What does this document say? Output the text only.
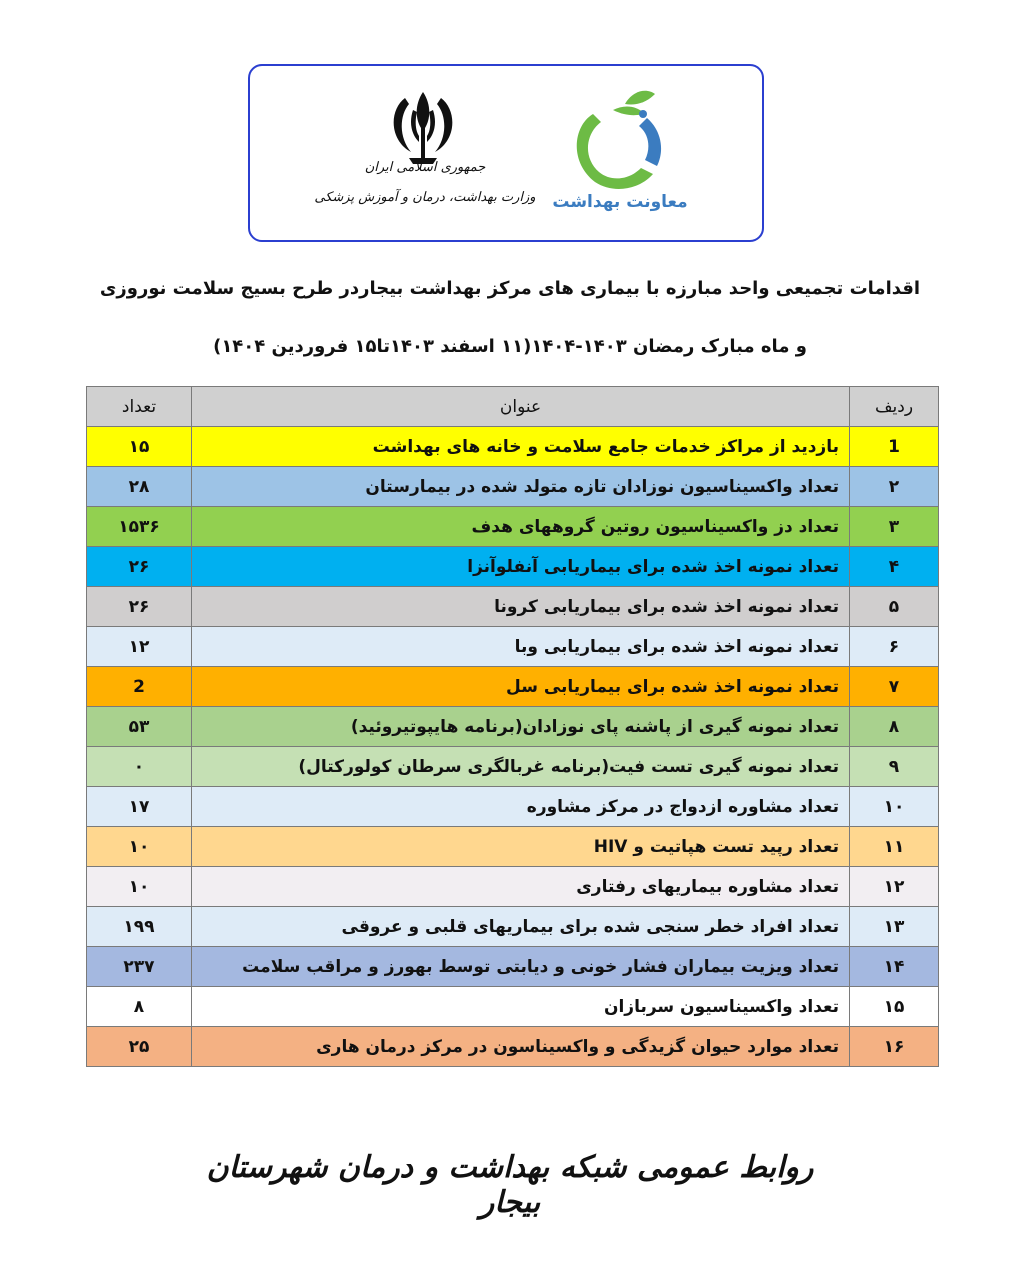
جمهوری اسلامی ایران
وزارت بهداشت، درمان و آموزش پزشکی معاونت بهداشت
اقدامات تجمیعی واحد مبارزه با بیماری های مرکز بهداشت بیجاردر طرح بسیج سلامت نوروزی
و ماه مبارک رمضان ۱۴۰۳-۱۴۰۴(۱۱ اسفند ۱۴۰۳تا۱۵ فروردین ۱۴۰۴)
ردیف	عنوان	تعداد
1	بازدید از مراکز خدمات جامع سلامت و خانه های بهداشت	۱۵
۲	تعداد واکسیناسیون نوزادان تازه متولد شده در بیمارستان	۲۸
۳	تعداد دز واکسیناسیون روتین گروههای هدف	۱۵۳۶
۴	تعداد نمونه اخذ شده برای بیماریابی آنفلوآنزا	۲۶
۵	تعداد نمونه اخذ شده برای بیماریابی کرونا	۲۶
۶	تعداد نمونه اخذ شده برای بیماریابی وبا	۱۲
۷	تعداد نمونه اخذ شده برای بیماریابی سل	2
۸	تعداد نمونه گیری از پاشنه پای نوزادان(برنامه هایپوتیروئید)	۵۳
۹	تعداد نمونه گیری تست فیت(برنامه غربالگری سرطان کولورکتال)	۰
۱۰	تعداد مشاوره ازدواج در مرکز مشاوره	۱۷
۱۱	تعداد رپید تست هپاتیت و HIV	۱۰
۱۲	تعداد مشاوره بیماریهای رفتاری	۱۰
۱۳	تعداد افراد خطر سنجی شده برای بیماریهای قلبی و عروقی	۱۹۹
۱۴	تعداد ویزیت بیماران فشار خونی و دیابتی توسط بهورز و مراقب سلامت	۲۳۷
۱۵	تعداد واکسیناسیون سربازان	۸
۱۶	تعداد موارد حیوان گزیدگی و واکسیناسون در مرکز درمان هاری	۲۵
روابط عمومی شبکه بهداشت و درمان شهرستان بیجار
